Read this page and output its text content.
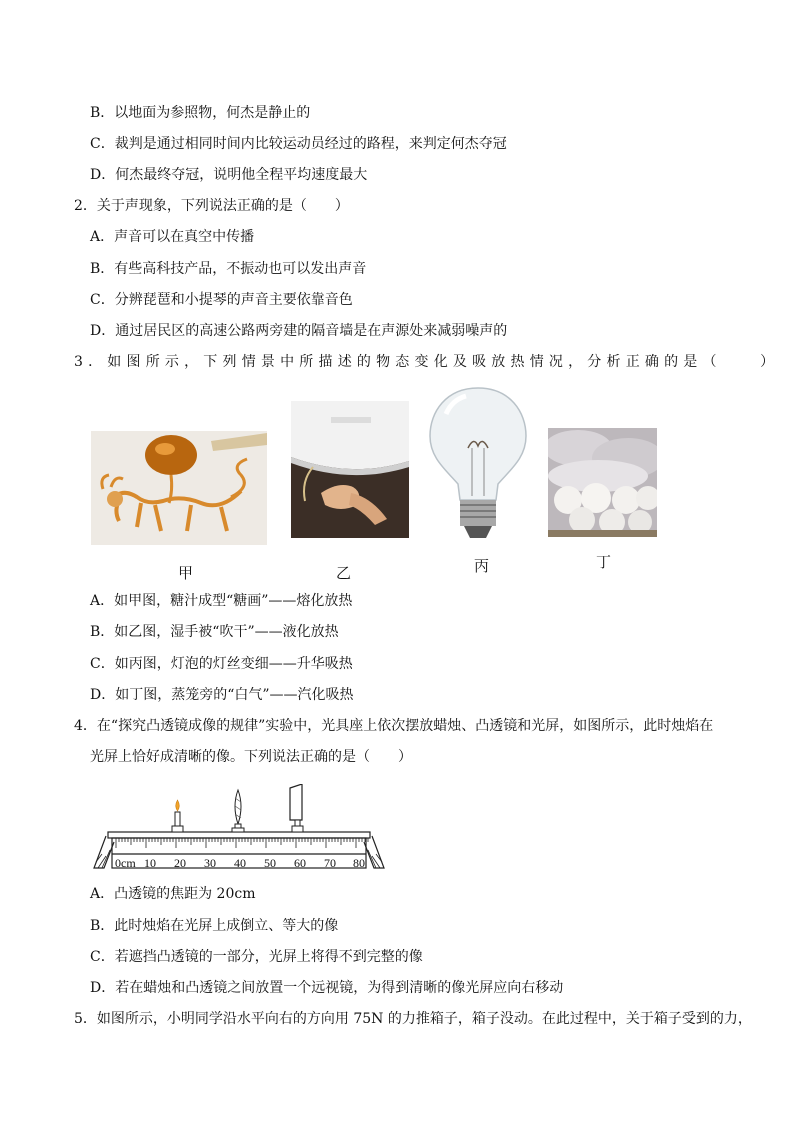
B．以地面为参照物，何杰是静止的
C．裁判是通过相同时间内比较运动员经过的路程，来判定何杰夺冠
D．何杰最终夺冠，说明他全程平均速度最大
2．关于声现象，下列说法正确的是（　　）
A．声音可以在真空中传播
B．有些高科技产品，不振动也可以发出声音
C．分辨琵琶和小提琴的声音主要依靠音色
D．通过居民区的高速公路两旁建的隔音墙是在声源处来减弱噪声的
3．如图所示，下列情景中所描述的物态变化及吸放热情况，分析正确的是（　　）
甲	乙	丙	丁
A．如甲图，糖汁成型“糖画”——熔化放热
B．如乙图，湿手被“吹干”——液化放热
C．如丙图，灯泡的灯丝变细——升华吸热
D．如丁图，蒸笼旁的“白气”——汽化吸热
4．在“探究凸透镜成像的规律”实验中，光具座上依次摆放蜡烛、凸透镜和光屏，如图所示，此时烛焰在
光屏上恰好成清晰的像。下列说法正确的是（　　）
0cm 10 20 30 40 50 60 70 80
A．凸透镜的焦距为 20cm
B．此时烛焰在光屏上成倒立、等大的像
C．若遮挡凸透镜的一部分，光屏上将得不到完整的像
D．若在蜡烛和凸透镜之间放置一个远视镜，为得到清晰的像光屏应向右移动
5．如图所示，小明同学沿水平向右的方向用 75N 的力推箱子，箱子没动。在此过程中，关于箱子受到的力，
